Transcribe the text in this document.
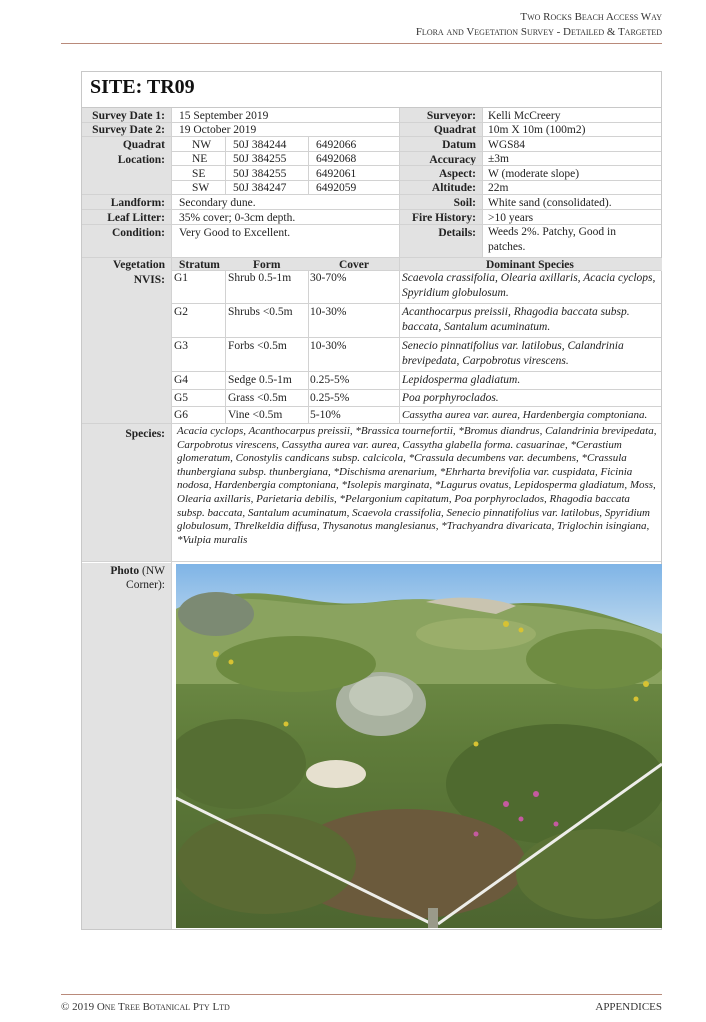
Two Rocks Beach Access Way
Flora and Vegetation Survey - Detailed & Targeted
SITE: TR09
Survey Date 1:	15 September 2019
Survey Date 2:	19 October 2019
Quadrat
Location:
NW 50J 384244	6492066
NE 50J 384255	6492068
SE 50J 384255	6492061
SW 50J 384247	6492059
Surveyor:	Kelli McCreery
Quadrat	10m X 10m (100m2)
Datum	WGS84
Accuracy	±3m
Aspect:	W (moderate slope)
Altitude:	22m
Landform:	Secondary dune.
Leaf Litter:	35% cover; 0-3cm depth.
Condition:	Very Good to Excellent.
Soil:	White sand (consolidated).
Fire History:	>10 years
Details:	Weeds 2%. Patchy, Good in patches.
Vegetation
NVIS:
Stratum	Form	Cover	Dominant Species
G1	Shrub 0.5-1m 30-70%	Scaevola crassifolia, Olearia axillaris, Acacia cyclops, Spyridium globulosum.
G2	Shrubs <0.5m 10-30%	Acanthocarpus preissii, Rhagodia baccata subsp. baccata, Santalum acuminatum.
G3	Forbs <0.5m 10-30%	Senecio pinnatifolius var. latilobus, Calandrinia brevipedata, Carpobrotus virescens.
G4	Sedge 0.5-1m 0.25-5%	Lepidosperma gladiatum.
G5	Grass <0.5m 0.25-5%	Poa porphyroclados.
G6	Vine <0.5m 5-10%	Cassytha aurea var. aurea, Hardenbergia comptoniana.
Species:	Acacia cyclops, Acanthocarpus preissii, *Brassica tournefortii, *Bromus diandrus, Calandrinia brevipedata, Carpobrotus virescens, Cassytha aurea var. aurea, Cassytha glabella forma. casuarinae, *Cerastium glomeratum, Conostylis candicans subsp. calcicola, *Crassula decumbens var. decumbens, *Crassula thunbergiana subsp. thunbergiana, *Dischisma arenarium, *Ehrharta brevifolia var. cuspidata, Ficinia nodosa, Hardenbergia comptoniana, *Isolepis marginata, *Lagurus ovatus, Lepidosperma gladiatum, Moss, Olearia axillaris, Parietaria debilis, *Pelargonium capitatum, Poa porphyroclados, Rhagodia baccata subsp. baccata, Santalum acuminatum, Scaevola crassifolia, Senecio pinnatifolius var. latilobus, Spyridium globulosum, Threlkeldia diffusa, Thysanotus manglesianus, *Trachyandra divaricata, Triglochin isingiana, *Vulpia muralis
Photo (NW Corner):
© 2019 One Tree Botanical Pty Ltd	APPENDICES
